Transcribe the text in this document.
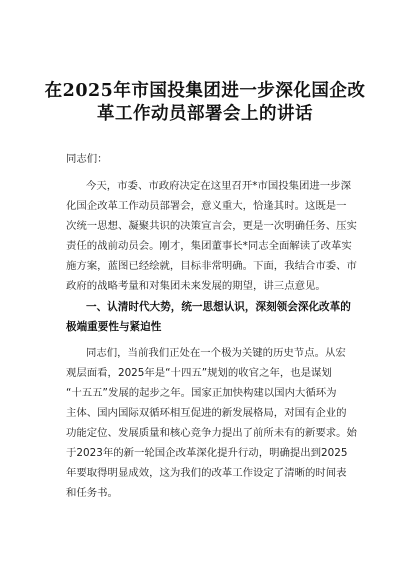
在2025年市国投集团进一步深化国企改
革工作动员部署会上的讲话
同志们：
今天，市委、市政府决定在这里召开*市国投集团进一步深
化国企改革工作动员部署会，意义重大，恰逢其时。这既是一
次统一思想、凝聚共识的决策宣言会，更是一次明确任务、压实
责任的战前动员会。刚才，集团董事长*同志全面解读了改革实
施方案，蓝图已经绘就，目标非常明确。下面，我结合市委、市
政府的战略考量和对集团未来发展的期望，讲三点意见。
一、认清时代大势，统一思想认识，深刻领会深化改革的
极端重要性与紧迫性
同志们，当前我们正处在一个极为关键的历史节点。从宏
观层面看，2025年是“十四五”规划的收官之年，也是谋划
“十五五”发展的起步之年。国家正加快构建以国内大循环为
主体、国内国际双循环相互促进的新发展格局，对国有企业的
功能定位、发展质量和核心竞争力提出了前所未有的新要求。始
于2023年的新一轮国企改革深化提升行动，明确提出到2025
年要取得明显成效，这为我们的改革工作设定了清晰的时间表
和任务书。
